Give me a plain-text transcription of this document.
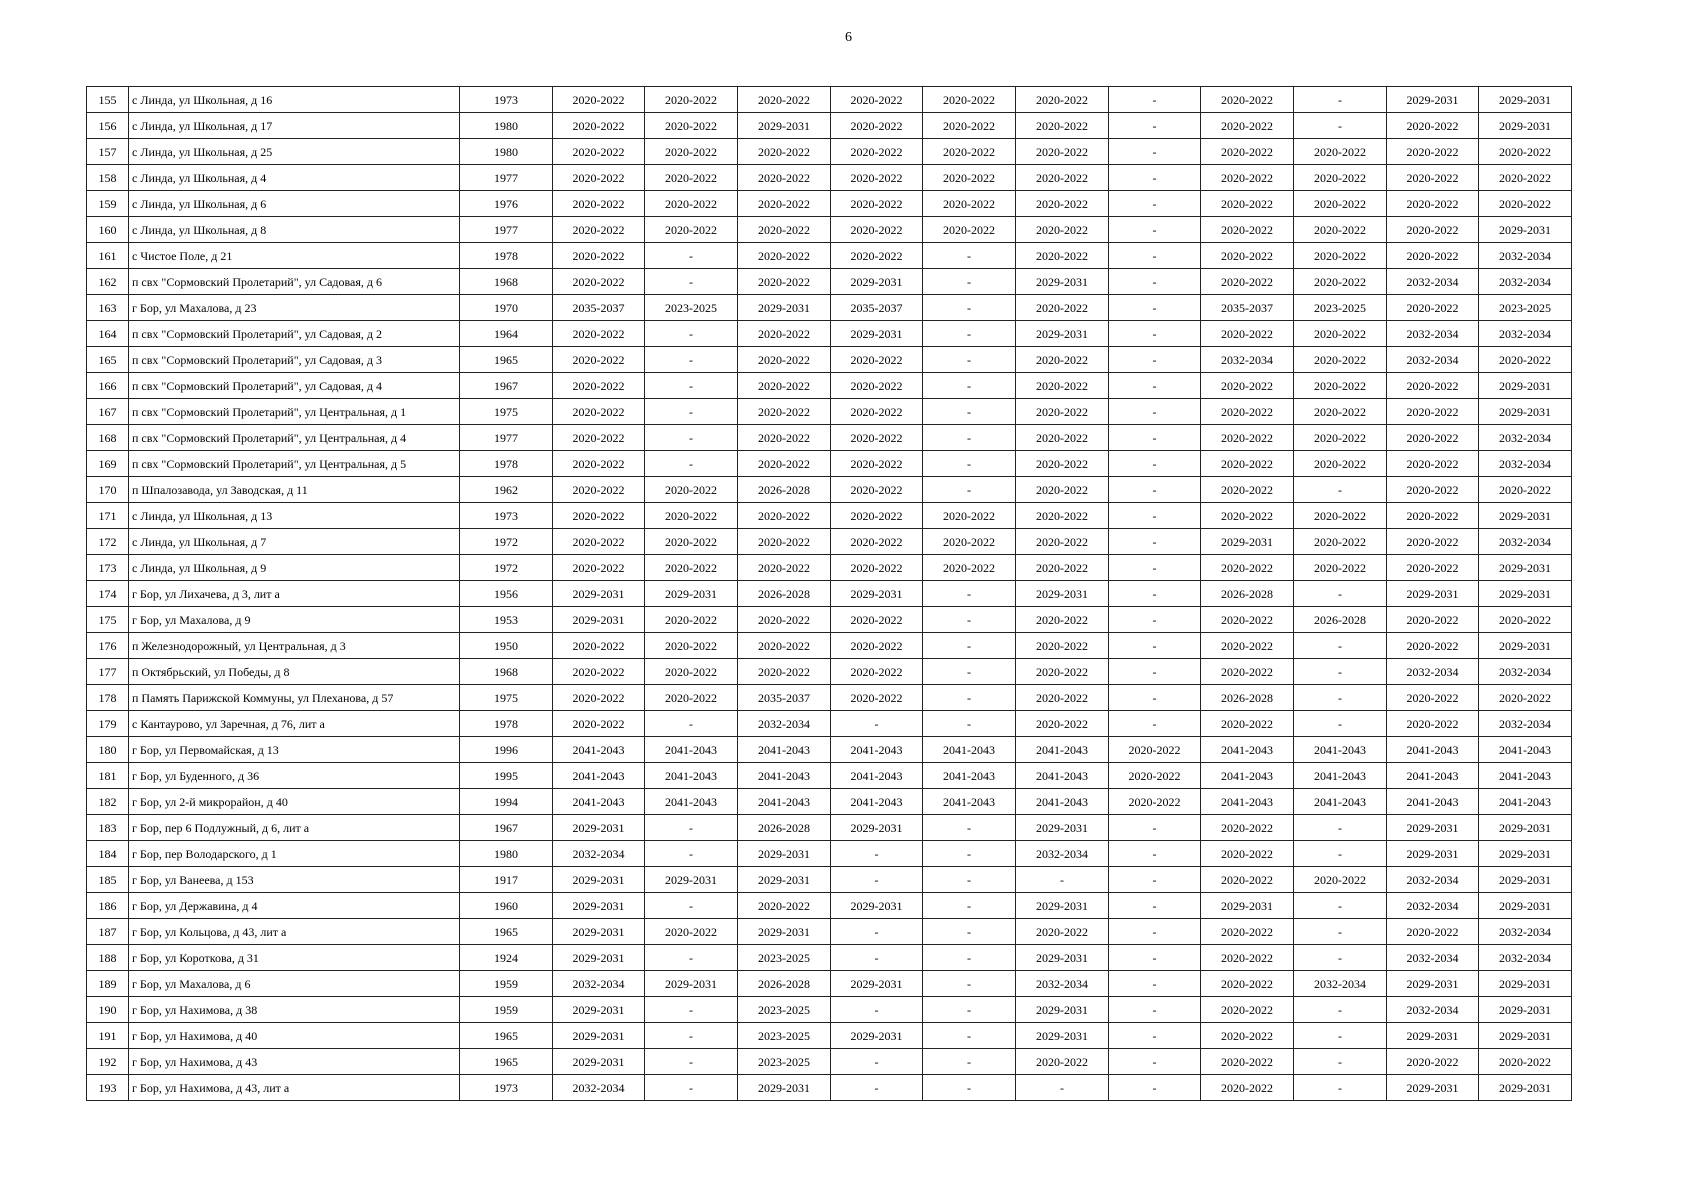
6
155	с Линда, ул Школьная, д 16	1973	2020-2022	2020-2022	2020-2022	2020-2022	2020-2022	2020-2022	-	2020-2022	-	2029-2031	2029-2031
156	с Линда, ул Школьная, д 17	1980	2020-2022	2020-2022	2029-2031	2020-2022	2020-2022	2020-2022	-	2020-2022	-	2020-2022	2029-2031
157	с Линда, ул Школьная, д 25	1980	2020-2022	2020-2022	2020-2022	2020-2022	2020-2022	2020-2022	-	2020-2022	2020-2022	2020-2022	2020-2022
158	с Линда, ул Школьная, д 4	1977	2020-2022	2020-2022	2020-2022	2020-2022	2020-2022	2020-2022	-	2020-2022	2020-2022	2020-2022	2020-2022
159	с Линда, ул Школьная, д 6	1976	2020-2022	2020-2022	2020-2022	2020-2022	2020-2022	2020-2022	-	2020-2022	2020-2022	2020-2022	2020-2022
160	с Линда, ул Школьная, д 8	1977	2020-2022	2020-2022	2020-2022	2020-2022	2020-2022	2020-2022	-	2020-2022	2020-2022	2020-2022	2029-2031
161	с Чистое Поле, д 21	1978	2020-2022	-	2020-2022	2020-2022	-	2020-2022	-	2020-2022	2020-2022	2020-2022	2032-2034
162	п свх "Сормовский Пролетарий", ул Садовая, д 6	1968	2020-2022	-	2020-2022	2029-2031	-	2029-2031	-	2020-2022	2020-2022	2032-2034	2032-2034
163	г Бор, ул Махалова, д 23	1970	2035-2037	2023-2025	2029-2031	2035-2037	-	2020-2022	-	2035-2037	2023-2025	2020-2022	2023-2025
164	п свх "Сормовский Пролетарий", ул Садовая, д 2	1964	2020-2022	-	2020-2022	2029-2031	-	2029-2031	-	2020-2022	2020-2022	2032-2034	2032-2034
165	п свх "Сормовский Пролетарий", ул Садовая, д 3	1965	2020-2022	-	2020-2022	2020-2022	-	2020-2022	-	2032-2034	2020-2022	2032-2034	2020-2022
166	п свх "Сормовский Пролетарий", ул Садовая, д 4	1967	2020-2022	-	2020-2022	2020-2022	-	2020-2022	-	2020-2022	2020-2022	2020-2022	2029-2031
167	п свх "Сормовский Пролетарий", ул Центральная, д 1	1975	2020-2022	-	2020-2022	2020-2022	-	2020-2022	-	2020-2022	2020-2022	2020-2022	2029-2031
168	п свх "Сормовский Пролетарий", ул Центральная, д 4	1977	2020-2022	-	2020-2022	2020-2022	-	2020-2022	-	2020-2022	2020-2022	2020-2022	2032-2034
169	п свх "Сормовский Пролетарий", ул Центральная, д 5	1978	2020-2022	-	2020-2022	2020-2022	-	2020-2022	-	2020-2022	2020-2022	2020-2022	2032-2034
170	п Шпалозавода, ул Заводская, д 11	1962	2020-2022	2020-2022	2026-2028	2020-2022	-	2020-2022	-	2020-2022	-	2020-2022	2020-2022
171	с Линда, ул Школьная, д 13	1973	2020-2022	2020-2022	2020-2022	2020-2022	2020-2022	2020-2022	-	2020-2022	2020-2022	2020-2022	2029-2031
172	с Линда, ул Школьная, д 7	1972	2020-2022	2020-2022	2020-2022	2020-2022	2020-2022	2020-2022	-	2029-2031	2020-2022	2020-2022	2032-2034
173	с Линда, ул Школьная, д 9	1972	2020-2022	2020-2022	2020-2022	2020-2022	2020-2022	2020-2022	-	2020-2022	2020-2022	2020-2022	2029-2031
174	г Бор, ул Лихачева, д 3, лит а	1956	2029-2031	2029-2031	2026-2028	2029-2031	-	2029-2031	-	2026-2028	-	2029-2031	2029-2031
175	г Бор, ул Махалова, д 9	1953	2029-2031	2020-2022	2020-2022	2020-2022	-	2020-2022	-	2020-2022	2026-2028	2020-2022	2020-2022
176	п Железнодорожный, ул Центральная, д 3	1950	2020-2022	2020-2022	2020-2022	2020-2022	-	2020-2022	-	2020-2022	-	2020-2022	2029-2031
177	п Октябрьский, ул Победы, д 8	1968	2020-2022	2020-2022	2020-2022	2020-2022	-	2020-2022	-	2020-2022	-	2032-2034	2032-2034
178	п Память Парижской Коммуны, ул Плеханова, д 57	1975	2020-2022	2020-2022	2035-2037	2020-2022	-	2020-2022	-	2026-2028	-	2020-2022	2020-2022
179	с Кантаурово, ул Заречная, д 76, лит а	1978	2020-2022	-	2032-2034	-	-	2020-2022	-	2020-2022	-	2020-2022	2032-2034
180	г Бор, ул Первомайская, д 13	1996	2041-2043	2041-2043	2041-2043	2041-2043	2041-2043	2041-2043	2020-2022	2041-2043	2041-2043	2041-2043	2041-2043
181	г Бор, ул Буденного, д 36	1995	2041-2043	2041-2043	2041-2043	2041-2043	2041-2043	2041-2043	2020-2022	2041-2043	2041-2043	2041-2043	2041-2043
182	г Бор, ул 2-й микрорайон, д 40	1994	2041-2043	2041-2043	2041-2043	2041-2043	2041-2043	2041-2043	2020-2022	2041-2043	2041-2043	2041-2043	2041-2043
183	г Бор, пер 6 Подлужный, д 6, лит а	1967	2029-2031	-	2026-2028	2029-2031	-	2029-2031	-	2020-2022	-	2029-2031	2029-2031
184	г Бор, пер Володарского, д 1	1980	2032-2034	-	2029-2031	-	-	2032-2034	-	2020-2022	-	2029-2031	2029-2031
185	г Бор, ул Ванеева, д 153	1917	2029-2031	2029-2031	2029-2031	-	-	-	-	2020-2022	2020-2022	2032-2034	2029-2031
186	г Бор, ул Державина, д 4	1960	2029-2031	-	2020-2022	2029-2031	-	2029-2031	-	2029-2031	-	2032-2034	2029-2031
187	г Бор, ул Кольцова, д 43, лит а	1965	2029-2031	2020-2022	2029-2031	-	-	2020-2022	-	2020-2022	-	2020-2022	2032-2034
188	г Бор, ул Короткова, д 31	1924	2029-2031	-	2023-2025	-	-	2029-2031	-	2020-2022	-	2032-2034	2032-2034
189	г Бор, ул Махалова, д 6	1959	2032-2034	2029-2031	2026-2028	2029-2031	-	2032-2034	-	2020-2022	2032-2034	2029-2031	2029-2031
190	г Бор, ул Нахимова, д 38	1959	2029-2031	-	2023-2025	-	-	2029-2031	-	2020-2022	-	2032-2034	2029-2031
191	г Бор, ул Нахимова, д 40	1965	2029-2031	-	2023-2025	2029-2031	-	2029-2031	-	2020-2022	-	2029-2031	2029-2031
192	г Бор, ул Нахимова, д 43	1965	2029-2031	-	2023-2025	-	-	2020-2022	-	2020-2022	-	2020-2022	2020-2022
193	г Бор, ул Нахимова, д 43, лит а	1973	2032-2034	-	2029-2031	-	-	-	-	2020-2022	-	2029-2031	2029-2031
